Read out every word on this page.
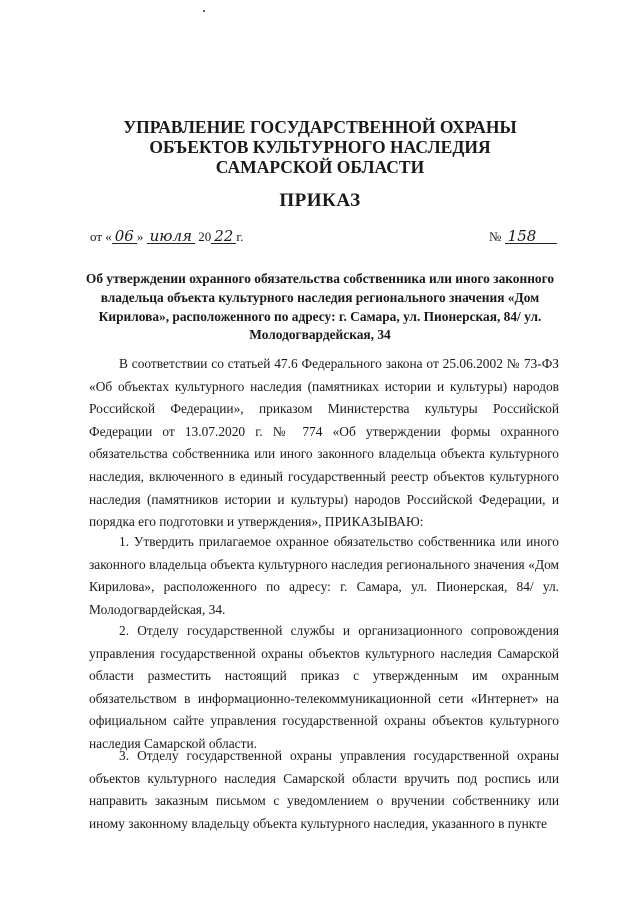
УПРАВЛЕНИЕ ГОСУДАРСТВЕННОЙ ОХРАНЫ
ОБЪЕКТОВ КУЛЬТУРНОГО НАСЛЕДИЯ
САМАРСКОЙ ОБЛАСТИ
ПРИКАЗ
от « 06 » июля 20 22 г.	№ 158
Об утверждении охранного обязательства собственника или иного законного владельца объекта культурного наследия регионального значения «Дом Кирилова», расположенного по адресу: г. Самара, ул. Пионерская, 84/ ул. Молодогвардейская, 34

В соответствии со статьей 47.6 Федерального закона от 25.06.2002 № 73-ФЗ «Об объектах культурного наследия (памятниках истории и культуры) народов Российской Федерации», приказом Министерства культуры Российской Федерации от 13.07.2020 г. № 774 «Об утверждении формы охранного обязательства собственника или иного законного владельца объекта культурного наследия, включенного в единый государственный реестр объектов культурного наследия (памятников истории и культуры) народов Российской Федерации, и порядка его подготовки и утверждения», ПРИКАЗЫВАЮ:

1. Утвердить прилагаемое охранное обязательство собственника или иного законного владельца объекта культурного наследия регионального значения «Дом Кирилова», расположенного по адресу: г. Самара, ул. Пионерская, 84/ ул. Молодогвардейская, 34.

2. Отделу государственной службы и организационного сопровождения управления государственной охраны объектов культурного наследия Самарской области разместить настоящий приказ с утвержденным им охранным обязательством в информационно-телекоммуникационной сети «Интернет» на официальном сайте управления государственной охраны объектов культурного наследия Самарской области.

3. Отделу государственной охраны управления государственной охраны объектов культурного наследия Самарской области вручить под роспись или направить заказным письмом с уведомлением о вручении собственнику или иному законному владельцу объекта культурного наследия, указанного в пункте
